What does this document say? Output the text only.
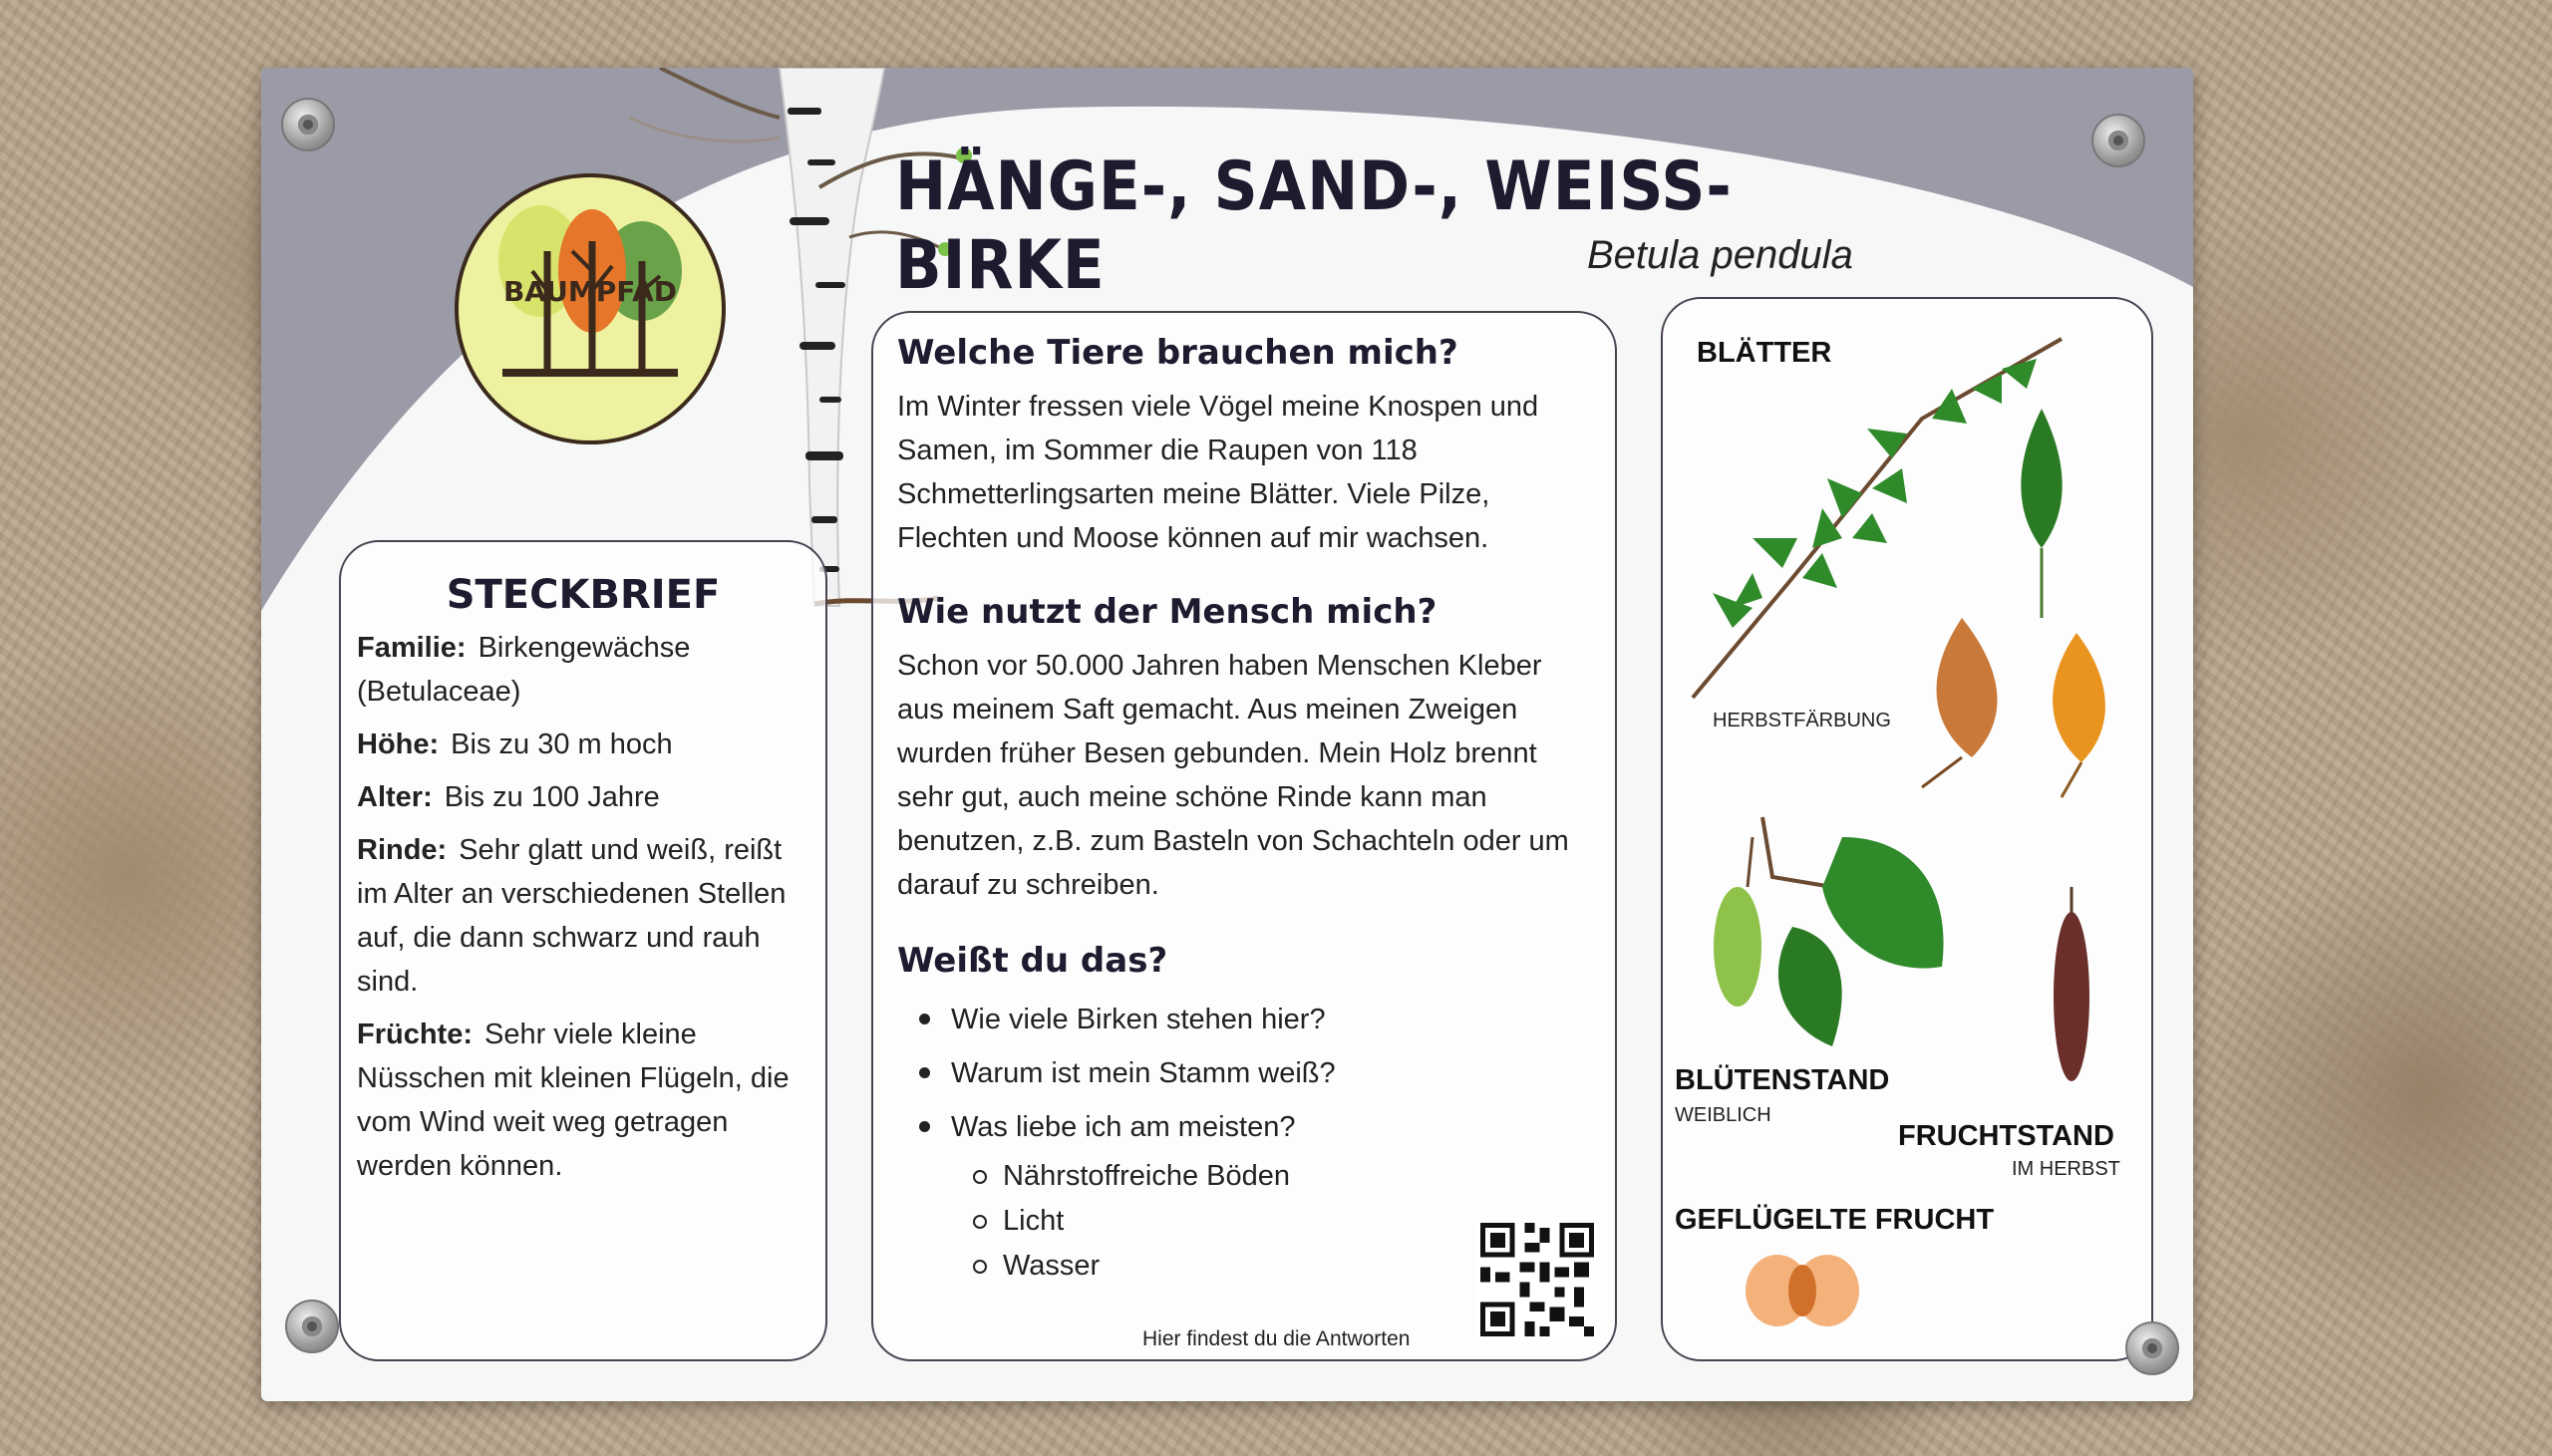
BAUMPFAD
HÄNGE-, SAND-, WEISS-BIRKE	Betula pendula
STECKBRIEF

Familie: Birkengewächse (Betulaceae)

Höhe: Bis zu 30 m hoch

Alter: Bis zu 100 Jahre

Rinde: Sehr glatt und weiß, reißt im Alter an verschiedenen Stellen auf, die dann schwarz und rauh sind.

Früchte: Sehr viele kleine Nüsschen mit kleinen Flügeln, die vom Wind weit weg getragen werden können.

Welche Tiere brauchen mich?

Im Winter fressen viele Vögel meine Knospen und Samen, im Sommer die Raupen von 118 Schmetterlingsarten meine Blätter. Viele Pilze, Flechten und Moose können auf mir wachsen.

Wie nutzt der Mensch mich?

Schon vor 50.000 Jahren haben Menschen Kleber aus meinem Saft gemacht. Aus meinen Zweigen wurden früher Besen gebunden. Mein Holz brennt sehr gut, auch meine schöne Rinde kann man benutzen, z.B. zum Basteln von Schachteln oder um darauf zu schreiben.

Weißt du das?
Wie viele Birken stehen hier?
Warum ist mein Stamm weiß?
Was liebe ich am meisten?
Nährstoffreiche Böden
Licht
Wasser
Hier findest du die Antworten
BLÄTTER
HERBSTFÄRBUNG
BLÜTENSTAND
WEIBLICH
FRUCHTSTAND
IM HERBST
GEFLÜGELTE FRUCHT
